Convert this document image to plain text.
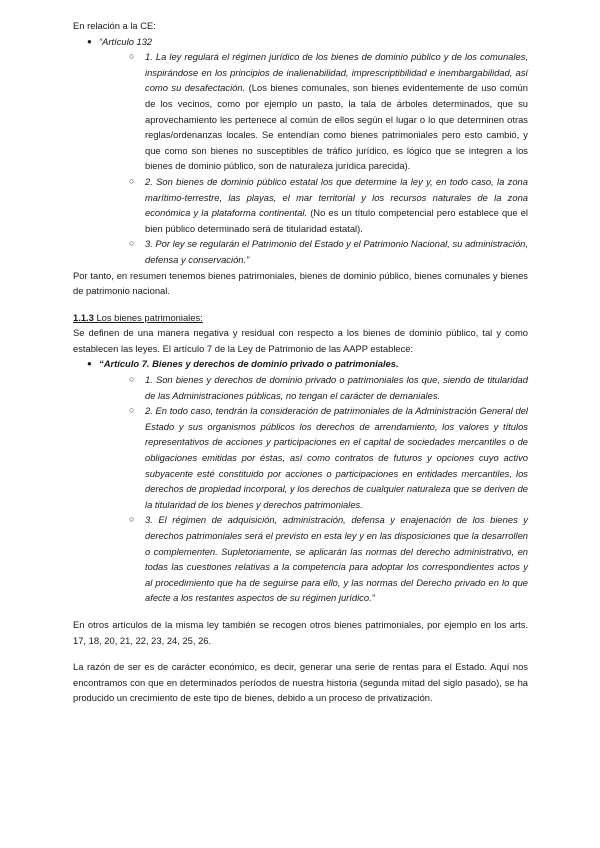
En relación a la CE:

● “Artículo 132
○ 1. La ley regulará el régimen jurídico de los bienes de dominio público y de los comunales, inspirándose en los principios de inalienabilidad, imprescriptibilidad e inembargabilidad, así como su desafectación. (Los bienes comunales, son bienes evidentemente de uso común de los vecinos, como por ejemplo un pasto, la tala de árboles determinados, que su aprovechamiento les pertenece al común de ellos según el lugar o lo que determinen otras reglas/ordenanzas locales. Se entendían como bienes patrimoniales pero esto cambió, y que como son bienes no susceptibles de tráfico jurídico, es lógico que se integren a los bienes de dominio público, son de naturaleza jurídica parecida).
○ 2. Son bienes de dominio público estatal los que determine la ley y, en todo caso, la zona marítimo-terrestre, las playas, el mar territorial y los recursos naturales de la zona económica y la plataforma continental. (No es un título competencial pero establece que el bien público determinado será de titularidad estatal).
○ 3. Por ley se regularán el Patrimonio del Estado y el Patrimonio Nacional, su administración, defensa y conservación.”

Por tanto, en resumen tenemos bienes patrimoniales, bienes de dominio público, bienes comunales y bienes de patrimonio nacional.

1.1.3 Los bienes patrimoniales:

Se definen de una manera negativa y residual con respecto a los bienes de dominio público, tal y como establecen las leyes. El artículo 7 de la Ley de Patrimonio de las AAPP establece:

● “Artículo 7. Bienes y derechos de dominio privado o patrimoniales.
○ 1. Son bienes y derechos de dominio privado o patrimoniales los que, siendo de titularidad de las Administraciones públicas, no tengan el carácter de demaniales.
○ 2. En todo caso, tendrán la consideración de patrimoniales de la Administración General del Estado y sus organismos públicos los derechos de arrendamiento, los valores y títulos representativos de acciones y participaciones en el capital de sociedades mercantiles o de obligaciones emitidas por éstas, así como contratos de futuros y opciones cuyo activo subyacente esté constituido por acciones o participaciones en entidades mercantiles, los derechos de propiedad incorporal, y los derechos de cualquier naturaleza que se deriven de la titularidad de los bienes y derechos patrimoniales.
○ 3. El régimen de adquisición, administración, defensa y enajenación de los bienes y derechos patrimoniales será el previsto en esta ley y en las disposiciones que la desarrollen o complementen. Supletoriamente, se aplicarán las normas del derecho administrativo, en todas las cuestiones relativas a la competencia para adoptar los correspondientes actos y al procedimiento que ha de seguirse para ello, y las normas del Derecho privado en lo que afecte a los restantes aspectos de su régimen jurídico.”

En otros artículos de la misma ley también se recogen otros bienes patrimoniales, por ejemplo en los arts. 17, 18, 20, 21, 22, 23, 24, 25, 26.

La razón de ser es de carácter económico, es decir, generar una serie de rentas para el Estado. Aquí nos encontramos con que en determinados períodos de nuestra historia (segunda mitad del siglo pasado), se ha producido un crecimiento de este tipo de bienes, debido a un proceso de privatización.
